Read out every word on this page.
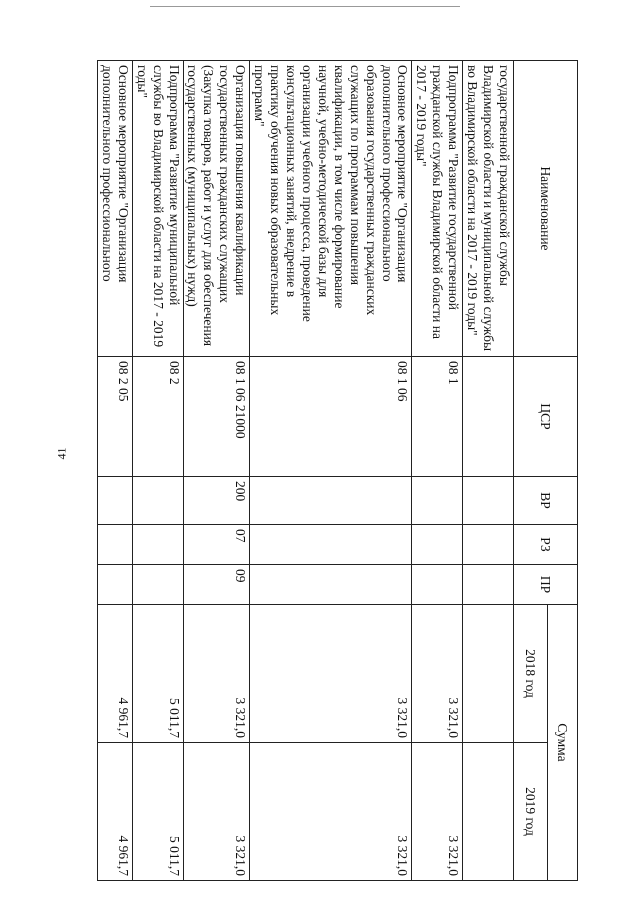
41
Наименование	ЦСР	ВР	РЗ	ПР	Сумма	
					2018 год	2019 год
государственной гражданской службы Владимирской области и муниципальной службы во Владимирской области на 2017 - 2019 годы"						
Подпрограмма "Развитие государственной гражданской службы Владимирской области на 2017 - 2019 годы"	08 1				3 321,0	3 321,0
Основное мероприятие "Организация дополнительного профессионального образования государственных гражданских служащих по программам повышения квалификации, в том числе формирование научной, учебно-методической базы для организации учебного процесса, проведение консультационных занятий, внедрение в практику обучения новых образовательных программ"	08 1 06				3 321,0	3 321,0
Организация повышения квалификации государственных гражданских служащих (Закупка товаров, работ и услуг для обеспечения государственных (муниципальных) нужд)	08 1 06 21000	200	07	09	3 321,0	3 321,0
Подпрограмма "Развитие муниципальной службы во Владимирской области на 2017 - 2019 годы"	08 2				5 011,7	5 011,7
Основное мероприятие "Организация дополнительного профессионального	08 2 05				4 961,7	4 961,7
